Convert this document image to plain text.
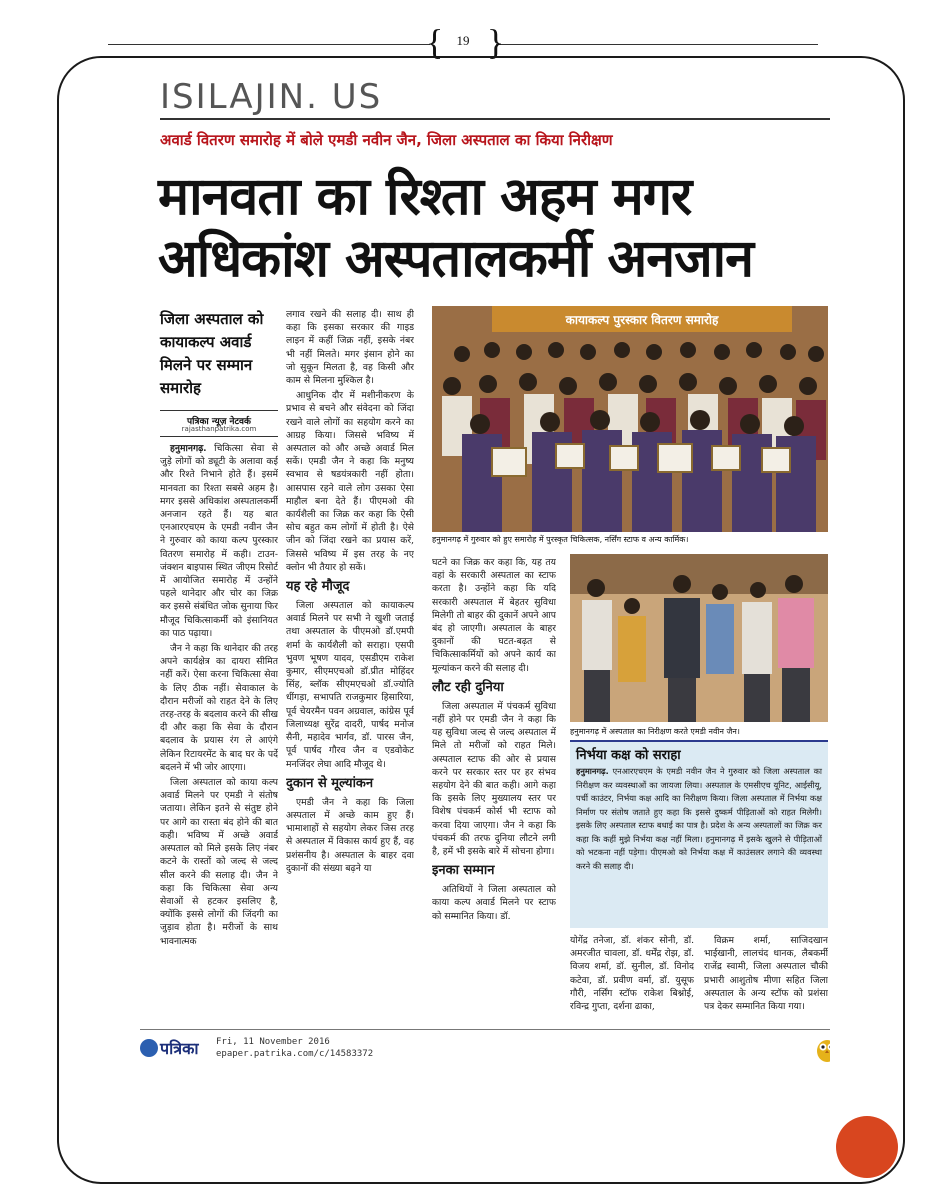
{ }
19
ISILAJIN. US
अवार्ड वितरण समारोह में बोले एमडी नवीन जैन, जिला अस्पताल का किया निरीक्षण
मानवता का रिश्ता अहम मगर
अधिकांश अस्पतालकर्मी अनजान
जिला अस्पताल को कायाकल्प अवार्ड मिलने पर सम्मान समारोह
पत्रिका न्यूज़ नेटवर्क
rajasthanpatrika.com

हनुमानगढ़. चिकित्सा सेवा से जुड़े लोगों को ड्यूटी के अलावा कई और रिश्ते निभाने होते हैं। इसमें मानवता का रिश्ता सबसे अहम है। मगर इससे अधिकांश अस्पतालकर्मी अनजान रहते हैं। यह बात एनआरएचएम के एमडी नवीन जैन ने गुरुवार को काया कल्प पुरस्कार वितरण समारोह में कही। टाउन-जंक्शन बाइपास स्थित जीएम रिसोर्ट में आयोजित समारोह में उन्होंने पहले थानेदार और चोर का जिक्र कर इससे संबंधित जोक सुनाया फिर मौजूद चिकित्साकर्मी को इंसानियत का पाठ पढ़ाया।

जैन ने कहा कि थानेदार की तरह अपने कार्यक्षेत्र का दायरा सीमित नहीं करें। ऐसा करना चिकित्सा सेवा के लिए ठीक नहीं। सेवाकाल के दौरान मरीजों को राहत देने के लिए तरह-तरह के बदलाव करने की सीख दी और कहा कि सेवा के दौरान बदलाव के प्रयास रंग ले आएंगे लेकिन रिटायरमेंट के बाद घर के पर्दे बदलने में भी जोर आएगा।

जिला अस्पताल को काया कल्प अवार्ड मिलने पर एमडी ने संतोष जताया। लेकिन इतने से संतुष्ट होने पर आगे का रास्ता बंद होने की बात कही। भविष्य में अच्छे अवार्ड अस्पताल को मिले इसके लिए नंबर कटने के रास्तों को जल्द से जल्द सील करने की सलाह दी। जैन ने कहा कि चिकित्सा सेवा अन्य सेवाओं से हटकर इसलिए है, क्योंकि इससे लोगों की जिंदगी का जुड़ाव होता है। मरीजों के साथ भावनात्मक

लगाव रखने की सलाह दी। साथ ही कहा कि इसका सरकार की गाइड लाइन में कहीं जिक्र नहीं, इसके नंबर भी नहीं मिलते। मगर इंसान होने का जो सुकून मिलता है, वह किसी और काम से मिलना मुश्किल है।

आधुनिक दौर में मशीनीकरण के प्रभाव से बचने और संवेदना को जिंदा रखने वाले लोगों का सहयोग करने का आग्रह किया। जिससे भविष्य में अस्पताल को और अच्छे अवार्ड मिल सकें। एमडी जैन ने कहा कि मनुष्य स्वभाव से षडयंत्रकारी नहीं होता। आसपास रहने वाले लोग उसका ऐसा माहौल बना देते हैं। पीएमओ की कार्यशैली का जिक्र कर कहा कि ऐसी सोच बहुत कम लोगों में होती है। ऐसे जीन को जिंदा रखने का प्रयास करें, जिससे भविष्य में इस तरह के नए क्लोन भी तैयार हो सकें।

यह रहे मौजूद

जिला अस्पताल को कायाकल्प अवार्ड मिलने पर सभी ने खुशी जताई तथा अस्पताल के पीएमओ डॉ.एमपी शर्मा के कार्यशैली को सराहा। एसपी भुवण भूषण यादव, एसडीएम राकेश कुमार, सीएमएचओ डॉ.प्रीत मोहिंदर सिंह, ब्लॉक सीएमएचओ डॉ.ज्योति धींगड़ा, सभापति राजकुमार हिसारिया, पूर्व चेयरमैन पवन अग्रवाल, कांग्रेस पूर्व जिलाध्यक्ष सुरेंद्र दादरी, पार्षद मनोज सैनी, महादेव भार्गव, डॉ. पारस जैन, पूर्व पार्षद गौरव जैन व एडवोकेट मनजिंदर लेघा आदि मौजूद थे।

दुकान से मूल्यांकन

एमडी जैन ने कहा कि जिला अस्पताल में अच्छे काम हुए हैं। भामाशाहों से सहयोग लेकर जिस तरह से अस्पताल में विकास कार्य हुए हैं, वह प्रशंसनीय है। अस्पताल के बाहर दवा दुकानों की संख्या बढ़ने या

कायाकल्प पुरस्कार वितरण समारोह
हनुमानगढ़ में गुरुवार को हुए समारोह में पुरस्कृत चिकित्सक, नर्सिंग स्टाफ व अन्य कार्मिक।

घटने का जिक्र कर कहा कि, यह तय वहां के सरकारी अस्पताल का स्टाफ करता है। उन्होंने कहा कि यदि सरकारी अस्पताल में बेहतर सुविधा मिलेगी तो बाहर की दुकानें अपने आप बंद हो जाएगी। अस्पताल के बाहर दुकानों की घटत-बढ़त से चिकित्साकर्मियों को अपने कार्य का मूल्यांकन करने की सलाह दी।

लौट रही दुनिया

जिला अस्पताल में पंचकर्म सुविधा नहीं होने पर एमडी जैन ने कहा कि यह सुविधा जल्द से जल्द अस्पताल में मिले तो मरीजों को राहत मिले। अस्पताल स्टाफ की ओर से प्रयास करने पर सरकार स्तर पर हर संभव सहयोग देने की बात कही। आगे कहा कि इसके लिए मुख्यालय स्तर पर विशेष पंचकर्म कोर्स भी स्टाफ को करवा दिया जाएगा। जैन ने कहा कि पंचकर्म की तरफ दुनिया लौटने लगी है, हमें भी इसके बारे में सोचना होगा।

इनका सम्मान

अतिथियों ने जिला अस्पताल को काया कल्प अवार्ड मिलने पर स्टाफ को सम्मानित किया। डॉ.

हनुमानगढ़ में अस्पताल का निरीक्षण करते एमडी नवीन जैन।
निर्भया कक्ष को सराहा
हनुमानगढ़. एनआरएचएम के एमडी नवीन जैन ने गुरुवार को जिला अस्पताल का निरीक्षण कर व्यवस्थाओं का जायजा लिया। अस्पताल के एमसीएच यूनिट, आईसीयू, पर्ची काउंटर, निर्भया कक्ष आदि का निरीक्षण किया। जिला अस्पताल में निर्भया कक्ष निर्माण पर संतोष जताते हुए कहा कि इससे दुष्कर्म पीड़िताओं को राहत मिलेगी। इसके लिए अस्पताल स्टाफ बधाई का पात्र है। प्रदेश के अन्य अस्पतालों का जिक्र कर कहा कि कहीं मुझे निर्भया कक्ष नहीं मिला। हनुमानगढ़ में इसके खुलने से पीड़िताओं को भटकना नहीं पड़ेगा। पीएमओ को निर्भया कक्ष में काउंसलर लगाने की व्यवस्था करने की सलाह दी।

योगेंद्र तनेजा, डॉ. शंकर सोनी, डॉ. अमरजीत चावला, डॉ. धर्मेंद्र रोझ, डॉ. विजय शर्मा, डॉ. सुनील, डॉ. विनोद कटेवा, डॉ. प्रवीण वर्मा, डॉ. युसूफ गौरी, नर्सिंग स्टॉफ राकेश बिश्नोई, रविन्द्र गुप्ता, दर्शना ढाका,

विक्रम शर्मा, साजिदखान भाईखानी, लालचंद धानक, लैबकर्मी राजेंद्र स्वामी, जिला अस्पताल चौकी प्रभारी आशुतोष मीणा सहित जिला अस्पताल के अन्य स्टॉफ को प्रशंसा पत्र देकर सम्मानित किया गया।

पत्रिका Fri, 11 November 2016
epaper.patrika.com/c/14583372
